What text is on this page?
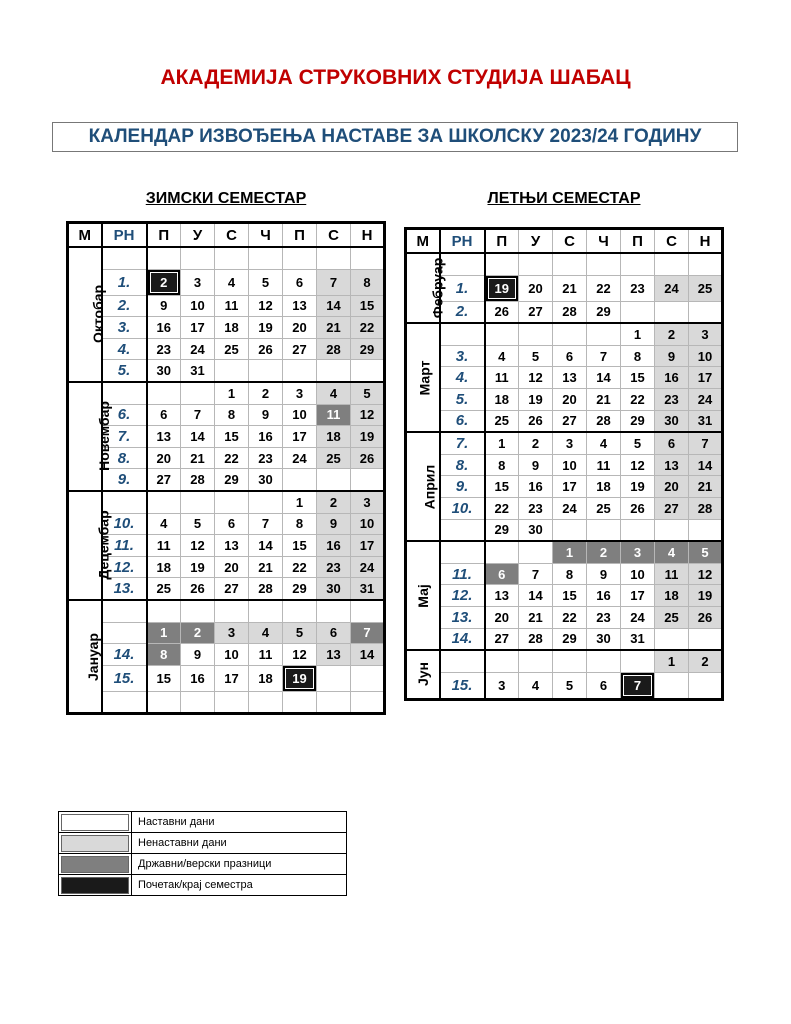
АКАДЕМИЈА СТРУКОВНИХ СТУДИЈА ШАБАЦ
КАЛЕНДАР ИЗВОЂЕЊА НАСТАВЕ ЗА ШКОЛСКУ 2023/24 ГОДИНУ
ЗИМСКИ СЕМЕСТАР	ЛЕТЊИ СЕМЕСТАР
М	РН	П	У	С	Ч	П	С	Н
Октобар								
	1.	2	3	4	5	6	7	8
	2.	9	10	11	12	13	14	15
	3.	16	17	18	19	20	21	22
	4.	23	24	25	26	27	28	29
	5.	30	31					
Новембар				1	2	3	4	5
	6.	6	7	8	9	10	11	12
	7.	13	14	15	16	17	18	19
	8.	20	21	22	23	24	25	26
	9.	27	28	29	30			
Децембар						1	2	3
	10.	4	5	6	7	8	9	10
	11.	11	12	13	14	15	16	17
	12.	18	19	20	21	22	23	24
	13.	25	26	27	28	29	30	31
Јануар								
		1	2	3	4	5	6	7
	14.	8	9	10	11	12	13	14
	15.	15	16	17	18	19		

М	РН	П	У	С	Ч	П	С	Н
Фебруар								
	1.	19	20	21	22	23	24	25
	2.	26	27	28	29			
Март						1	2	3
	3.	4	5	6	7	8	9	10
	4.	11	12	13	14	15	16	17
	5.	18	19	20	21	22	23	24
	6.	25	26	27	28	29	30	31
Април	7.	1	2	3	4	5	6	7
	8.	8	9	10	11	12	13	14
	9.	15	16	17	18	19	20	21
	10.	22	23	24	25	26	27	28
		29	30					
Мај				1	2	3	4	5
	11.	6	7	8	9	10	11	12
	12.	13	14	15	16	17	18	19
	13.	20	21	22	23	24	25	26
	14.	27	28	29	30	31		
Јун							1	2
	15.	3	4	5	6	7		

	Наставни дани

	Ненаставни дани

	Државни/верски празници

	Почетак/крај семестра
